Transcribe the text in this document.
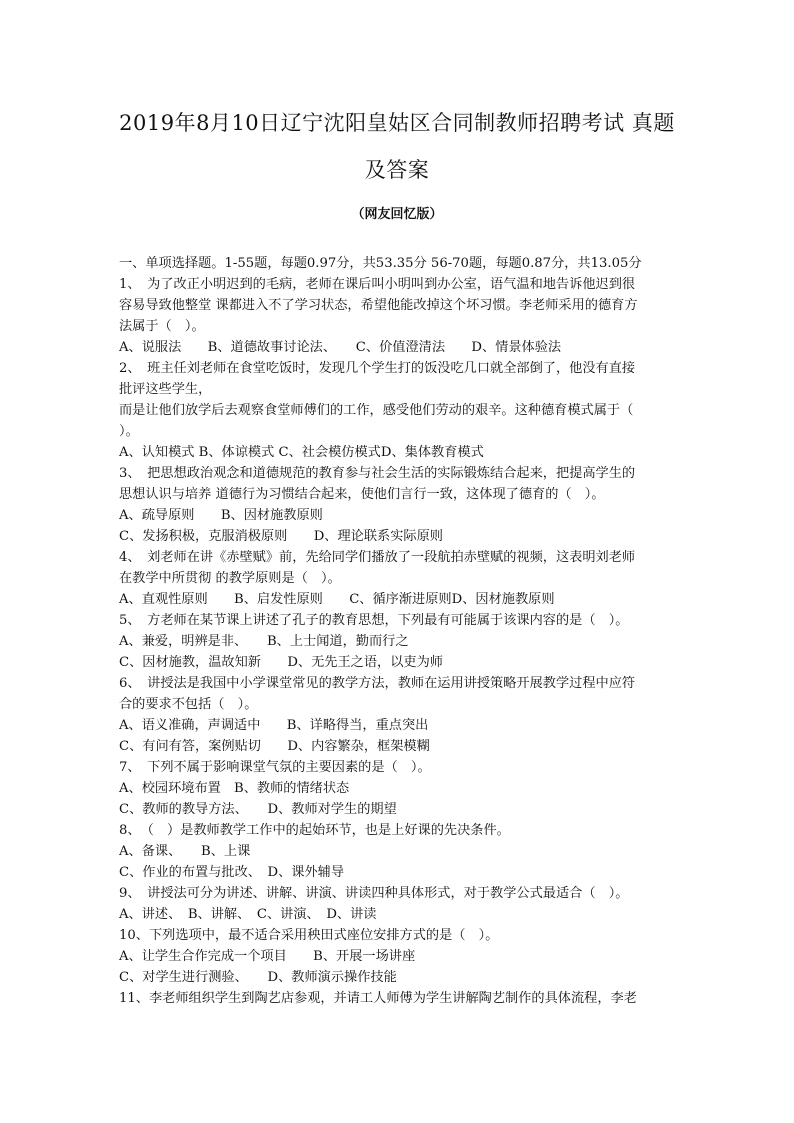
2019年8月10日辽宁沈阳皇姑区合同制教师招聘考试 真题
及答案
（网友回忆版）
一、单项选择题。1-55题，每题0.97分，共53.35分 56-70题，每题0.87分，共13.05分
1、　为了改正小明迟到的毛病，老师在课后叫小明叫到办公室，语气温和地告诉他迟到很
容易导致他整堂 课都进入不了学习状态，希望他能改掉这个坏习惯。李老师采用的德育方
法属于（　）。
A、说服法　　B、道德故事讨论法、　　C、价值澄清法　　D、情景体验法
2、　班主任刘老师在食堂吃饭时，发现几个学生打的饭没吃几口就全部倒了，他没有直接
批评这些学生，
而是让他们放学后去观察食堂师傅们的工作，感受他们劳动的艰辛。这种德育模式属于（
）。
A、认知模式 B、体谅模式 C、社会模仿模式D、集体教育模式
3、　把思想政治观念和道德规范的教育参与社会生活的实际锻炼结合起来，把提高学生的
思想认识与培养 道德行为习惯结合起来，使他们言行一致，这体现了德育的（　）。
A、疏导原则　　B、因材施教原则
C、发扬积极，克服消极原则　　D、理论联系实际原则
4、　刘老师在讲《赤壁赋》前，先给同学们播放了一段航拍赤壁赋的视频，这表明刘老师
在教学中所贯彻 的教学原则是（　）。
A、直观性原则　　B、启发性原则　　C、循序渐进原则D、因材施教原则
5、　方老师在某节课上讲述了孔子的教育思想，下列最有可能属于该课内容的是（　）。
A、兼爱，明辨是非、　　B、上士闻道，勤而行之
C、因材施教，温故知新　　D、无先王之语，以吏为师
6、　讲授法是我国中小学课堂常见的教学方法，教师在运用讲授策略开展教学过程中应符
合的要求不包括（　）。
A、语义准确，声调适中　　B、详略得当，重点突出
C、有问有答，案例贴切　　D、内容繁杂，框架模糊
7、　下列不属于影响课堂气氛的主要因素的是（　）。
A、校园环境布置　B、教师的情绪状态
C、教师的教导方法、　　D、教师对学生的期望
8、　（　）是教师教学工作中的起始环节，也是上好课的先决条件。
A、备课、　　B、上课
C、作业的布置与批改、　D、课外辅导
9、　讲授法可分为讲述、讲解、讲演、讲读四种具体形式，对于教学公式最适合（　）。
A、讲述、　B、讲解、　C、讲演、　D、讲读
10、下列选项中，最不适合采用秧田式座位安排方式的是（　）。
A、让学生合作完成一个项目　　B、开展一场讲座
C、对学生进行测验、　　D、教师演示操作技能
11、李老师组织学生到陶艺店参观，并请工人师傅为学生讲解陶艺制作的具体流程，李老
